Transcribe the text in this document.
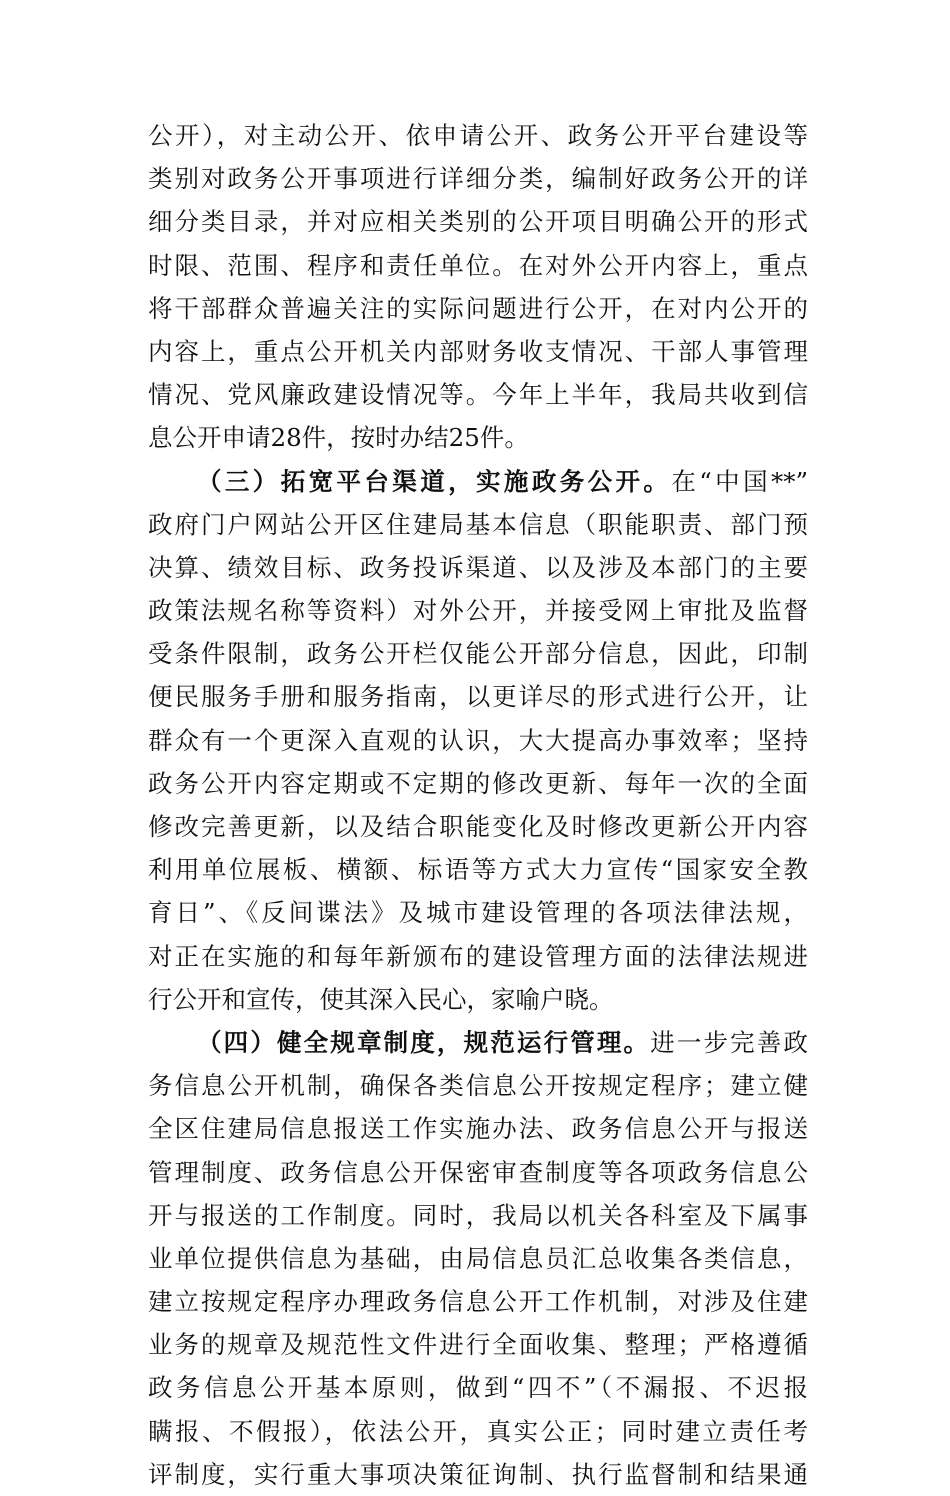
公开），对主动公开、依申请公开、政务公开平台建设等
类别对政务公开事项进行详细分类，编制好政务公开的详
细分类目录，并对应相关类别的公开项目明确公开的形式
时限、范围、程序和责任单位。在对外公开内容上，重点
将干部群众普遍关注的实际问题进行公开，在对内公开的
内容上，重点公开机关内部财务收支情况、干部人事管理
情况、党风廉政建设情况等。今年上半年，我局共收到信
息公开申请28件，按时办结25件。
（三）拓宽平台渠道，实施政务公开。在“中国**”
政府门户网站公开区住建局基本信息（职能职责、部门预
决算、绩效目标、政务投诉渠道、以及涉及本部门的主要
政策法规名称等资料）对外公开，并接受网上审批及监督
受条件限制，政务公开栏仅能公开部分信息，因此，印制
便民服务手册和服务指南，以更详尽的形式进行公开，让
群众有一个更深入直观的认识，大大提高办事效率；坚持
政务公开内容定期或不定期的修改更新、每年一次的全面
修改完善更新，以及结合职能变化及时修改更新公开内容
利用单位展板、横额、标语等方式大力宣传“国家安全教
育日”、《反间谍法》及城市建设管理的各项法律法规，
对正在实施的和每年新颁布的建设管理方面的法律法规进
行公开和宣传，使其深入民心，家喻户晓。
（四）健全规章制度，规范运行管理。进一步完善政
务信息公开机制，确保各类信息公开按规定程序；建立健
全区住建局信息报送工作实施办法、政务信息公开与报送
管理制度、政务信息公开保密审查制度等各项政务信息公
开与报送的工作制度。同时，我局以机关各科室及下属事
业单位提供信息为基础，由局信息员汇总收集各类信息，
建立按规定程序办理政务信息公开工作机制，对涉及住建
业务的规章及规范性文件进行全面收集、整理；严格遵循
政务信息公开基本原则，做到“四不”（不漏报、不迟报
瞒报、不假报），依法公开，真实公正；同时建立责任考
评制度，实行重大事项决策征询制、执行监督制和结果通
